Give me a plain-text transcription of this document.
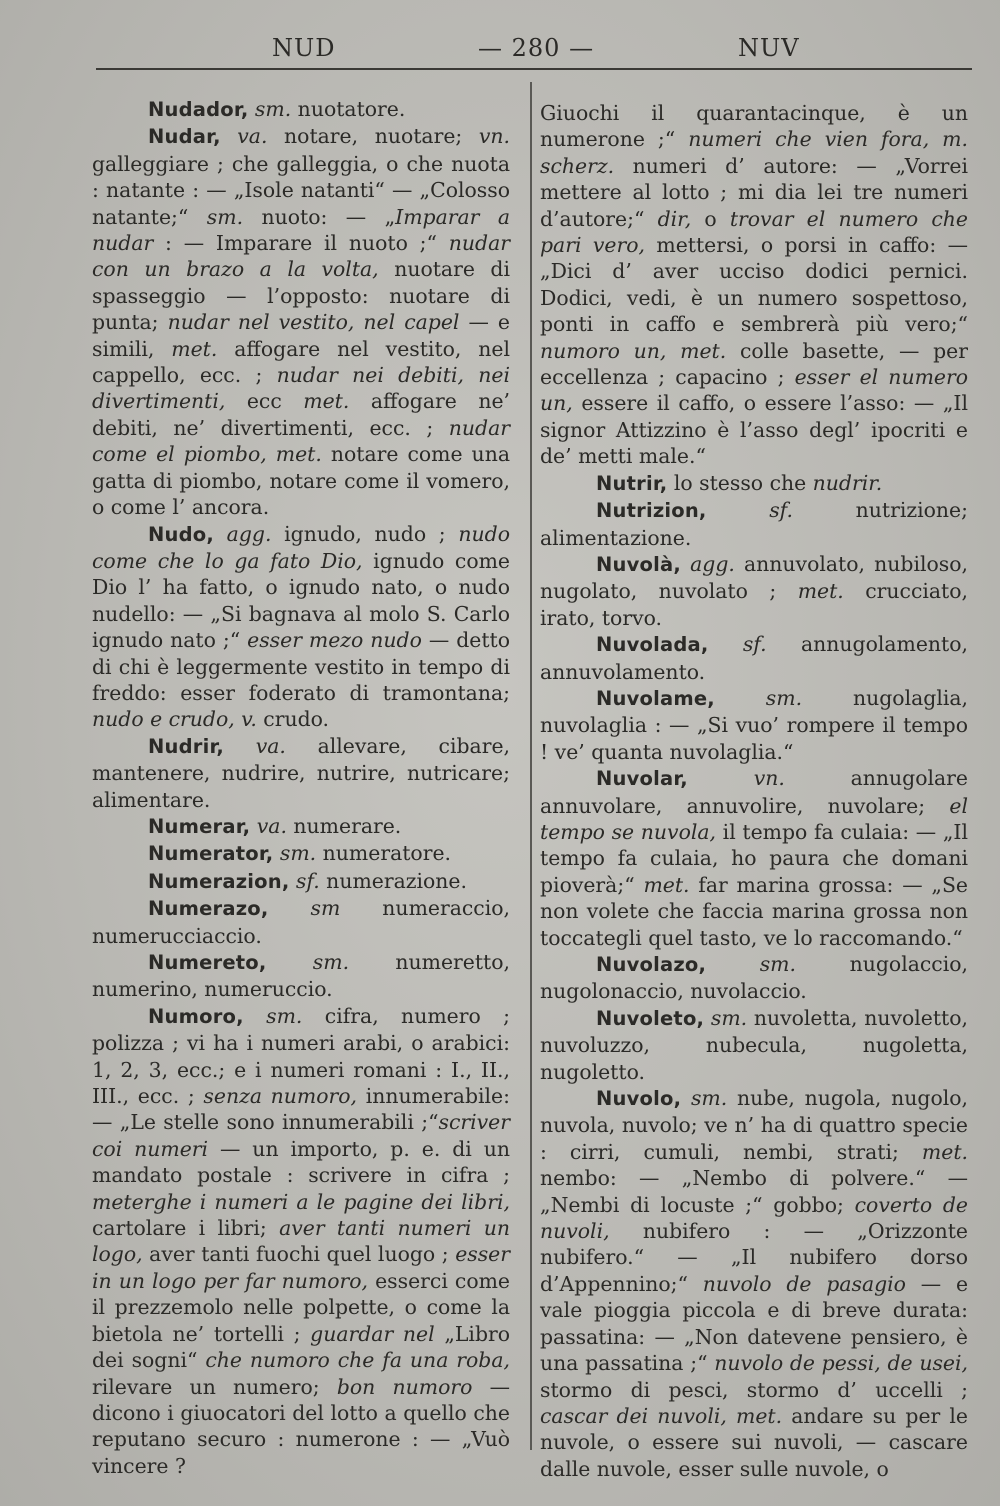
NUD	— 280 —	NUV

Nudador, sm. nuotatore.

Nudar, va. notare, nuotare; vn. galleggiare ; che galleggia, o che nuota : natante : — „Isole natanti“ — „Colosso natante;“ sm. nuoto: — „Imparar a nudar : — Imparare il nuoto ;“ nudar con un brazo a la volta, nuotare di spasseggio — l’opposto: nuotare di punta; nudar nel vestito, nel capel — e simili, met. affogare nel vestito, nel cappello, ecc. ; nudar nei debiti, nei divertimenti, ecc met. affogare ne’ debiti, ne’ divertimenti, ecc. ; nudar come el piombo, met. notare come una gatta di piombo, notare come il vomero, o come l’ ancora.

Nudo, agg. ignudo, nudo ; nudo come che lo ga fato Dio, ignudo come Dio l’ ha fatto, o ignudo nato, o nudo nudello: — „Si bagnava al molo S. Carlo ignudo nato ;“ esser mezo nudo — detto di chi è leggermente vestito in tempo di freddo: esser foderato di tramontana; nudo e crudo, v. crudo.

Nudrir, va. allevare, cibare, mantenere, nudrire, nutrire, nutricare; alimentare.

Numerar, va. numerare.

Numerator, sm. numeratore.

Numerazion, sf. numerazione.

Numerazo, sm numeraccio, numerucciaccio.

Numereto, sm. numeretto, numerino, numeruccio.

Numoro, sm. cifra, numero ; polizza ; vi ha i numeri arabi, o arabici: 1, 2, 3, ecc.; e i numeri romani : I., II., III., ecc. ; senza numoro, innumerabile: — „Le stelle sono innumerabili ;“scriver coi numeri — un importo, p. e. di un mandato postale : scrivere in cifra ; meterghe i numeri a le pagine dei libri, cartolare i libri; aver tanti numeri un logo, aver tanti fuochi quel luogo ; esser in un logo per far numoro, esserci come il prezzemolo nelle polpette, o come la bietola ne’ tortelli ; guardar nel „Libro dei sogni“ che numoro che fa una roba, rilevare un numero; bon numoro — dicono i giuocatori del lotto a quello che reputano securo : numerone : — „Vuò vincere ?

Giuochi il quarantacinque, è un numerone ;“ numeri che vien fora, m. scherz. numeri d’ autore: — „Vorrei mettere al lotto ; mi dia lei tre numeri d’autore;“ dir, o trovar el numero che pari vero, mettersi, o porsi in caffo: — „Dici d’ aver ucciso dodici pernici. Dodici, vedi, è un numero sospettoso, ponti in caffo e sembrerà più vero;“ numoro un, met. colle basette, — per eccellenza ; capacino ; esser el numero un, essere il caffo, o essere l’asso: — „Il signor Attizzino è l’asso degl’ ipocriti e de’ metti male.“

Nutrir, lo stesso che nudrir.

Nutrizion, sf. nutrizione; alimentazione.

Nuvolà, agg. annuvolato, nubiloso, nugolato, nuvolato ; met. crucciato, irato, torvo.

Nuvolada, sf. annugolamento, annuvolamento.

Nuvolame, sm. nugolaglia, nuvolaglia : — „Si vuo’ rompere il tempo ! ve’ quanta nuvolaglia.“

Nuvolar, vn. annugolare annuvolare, annuvolire, nuvolare; el tempo se nuvola, il tempo fa culaia: — „Il tempo fa culaia, ho paura che domani pioverà;“ met. far marina grossa: — „Se non volete che faccia marina grossa non toccategli quel tasto, ve lo raccomando.“

Nuvolazo, sm. nugolaccio, nugolonaccio, nuvolaccio.

Nuvoleto, sm. nuvoletta, nuvoletto, nuvoluzzo, nubecula, nugoletta, nugoletto.

Nuvolo, sm. nube, nugola, nugolo, nuvola, nuvolo; ve n’ ha di quattro specie : cirri, cumuli, nembi, strati; met. nembo: — „Nembo di polvere.“ — „Nembi di locuste ;“ gobbo; coverto de nuvoli, nubifero : — „Orizzonte nubifero.“ — „Il nubifero dorso d’Appennino;“ nuvolo de pasagio — e vale pioggia piccola e di breve durata: passatina: — „Non datevene pensiero, è una passatina ;“ nuvolo de pessi, de usei, stormo di pesci, stormo d’ uccelli ; cascar dei nuvoli, met. andare su per le nuvole, o essere sui nuvoli, — cascare dalle nuvole, esser sulle nuvole, o
